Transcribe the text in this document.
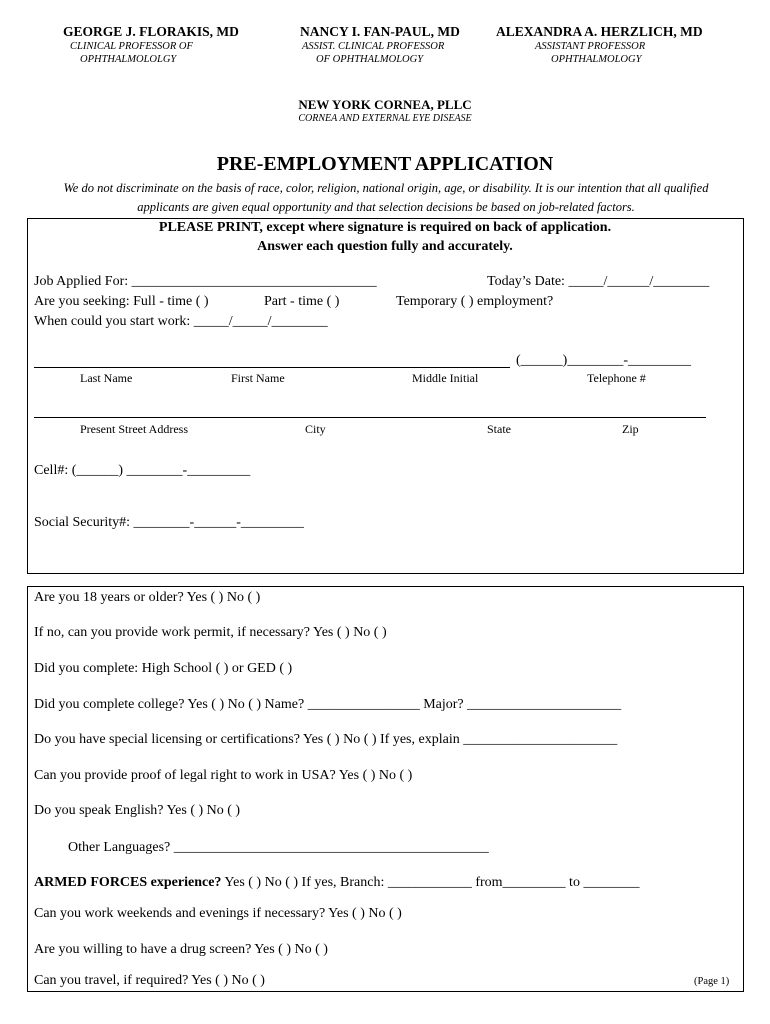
GEORGE J. FLORAKIS, MD
CLINICAL PROFESSOR OF
OPHTHALMOLOLGY
NANCY I. FAN-PAUL, MD
ASSIST. CLINICAL PROFESSOR
OF OPHTHALMOLOGY
ALEXANDRA A. HERZLICH, MD
ASSISTANT PROFESSOR
OPHTHALMOLOGY
NEW YORK CORNEA, PLLC
CORNEA AND EXTERNAL EYE DISEASE
PRE-EMPLOYMENT APPLICATION
We do not discriminate on the basis of race, color, religion, national origin, age, or disability. It is our intention that all qualified applicants are given equal opportunity and that selection decisions be based on job-related factors.
PLEASE PRINT, except where signature is required on back of application.
Answer each question fully and accurately.
Job Applied For: ___________________________________	Today’s Date: _____/______/________
Are you seeking: Full - time ( )	Part - time ( )	Temporary ( ) employment?
When could you start work: _____/_____/________
(______)________-_________
Last Name	First Name	Middle Initial	Telephone #
Present Street Address	City	State	Zip
Cell#: (______) ________-_________
Social Security#: ________-______-_________
Are you 18 years or older? Yes ( ) No ( )
If no, can you provide work permit, if necessary? Yes ( ) No ( )
Did you complete: High School ( ) or GED ( )
Did you complete college? Yes ( ) No ( ) Name? ________________ Major? ______________________
Do you have special licensing or certifications? Yes ( ) No ( ) If yes, explain ______________________
Can you provide proof of legal right to work in USA? Yes ( ) No ( )
Do you speak English? Yes ( ) No ( )
Other Languages? _____________________________________________
ARMED FORCES experience? Yes ( ) No ( ) If yes, Branch: ____________ from_________ to ________
Can you work weekends and evenings if necessary? Yes ( ) No ( )
Are you willing to have a drug screen? Yes ( ) No ( )
Can you travel, if required? Yes ( ) No ( )	(Page 1)
